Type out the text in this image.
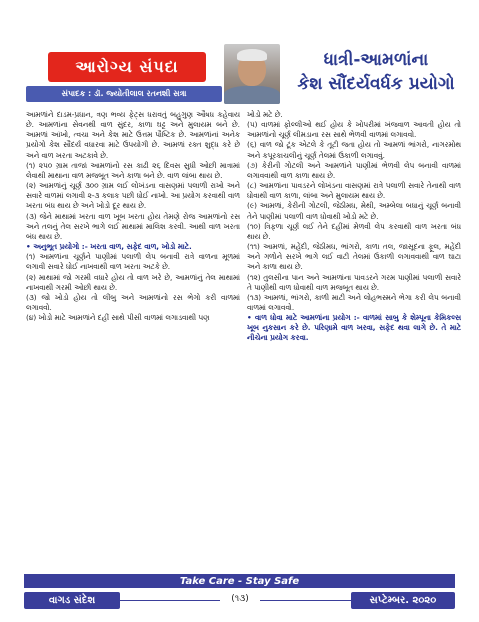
આરોગ્ય સંપદા
સંપાદક : ડૉ. જ્યોતીલાલ રતનશી સત્રા
ધાત્રી-આમળાંના
કેશ સૌંદર્યવર્ધક પ્રયોગો

આમળાંને દાડમ-પ્રધાન, ત્રણ ભવ્ય ફેટ્સ ધરાવતું બહુગુણ ઔષધ કહેવાય છે. આમળાંના સેવનથી વાળ સુંદર, કાળા ઘટ્ટ અને મુલાયમ બને છે. આમળાં આંખો, ત્વચા અને કેશ માટે ઉત્તમ પૌષ્ટિક છે. આમળાંનાં અનેક પ્રયોગો કેશ સૌંદર્ય વધારવા માટે ઉપયોગી છે. આમળાં રક્ત શુદ્ધ કરે છે અને વાળ ખરતા અટકાવે છે.

(૧) ૨૫૦ ગ્રામ તાજાં આમળાંનો રસ કાઢી ૨૬ દિવસ સુધી ઓછી માત્રામાં લેવાથી માથાના વાળ મજબૂત અને કાળા બને છે. વાળ લાંબા થાય છે.

(૨) આમળાંનું ચૂર્ણ ૩૦૦ ગ્રામ લઈ લોખંડના વાસણમાં પલાળી રાખો અને સવારે વાળમાં લગાવી ૨-૩ કલાક પછી ધોઈ નાખો. આ પ્રયોગ કરવાથી વાળ ખરતા બંધ થાય છે અને ખોડો દૂર થાય છે.

(૩) જેને માથામાં ખરતા વાળ ખૂબ ખરતા હોય તેમણે રોજ આમળાંનો રસ અને તલનું તેલ સરખે ભાગે લઈ માથામાં માલિશ કરવી. આથી વાળ ખરતા બંધ થાય છે.

• અનુભૂત પ્રયોગો :- ખરતા વાળ, સફેદ વાળ, ખોડો માટે.

(૧) આમળાંના ચૂર્ણને પાણીમાં પલાળી લેપ બનાવી રાત્રે વાળના મૂળમાં લગાવી સવારે ધોઈ નાખવાથી વાળ ખરતા અટકે છે.

(૨) માથામાં જો ગરમી વધારે હોય તો વાળ ખરે છે, આમળાંનું તેલ માથામાં નાખવાથી ગરમી ઓછી થાય છે.

(૩) જો ખોડો હોય તો લીંબુ અને આમળાંનો રસ ભેગો કરી વાળમાં લગાવવો.

(૪) ખોડો માટે આમળાંને દહીં સાથે પીસી વાળમાં લગાડવાથી પણ

ખોડો મટે છે.

(૫) વાળમાં ફોલ્લીઓ થઈ હોય કે ખોપરીમાં ખંજવાળ આવતી હોય તો આમળાંનો ચૂર્ણ લીમડાના રસ સાથે ભેળવી વાળમાં લગાવવો.

(૬) વાળ જો ટૂંક એટલે કે તૂટી જતા હોય તો આમળાં ભાંગરો, નાગરમોથ અને કપૂરકાચલીનું ચૂર્ણ તેલમાં ઉકાળી લગાવવું.

(૭) કેરીની ગોટલી અને આમળાંને પાણીમાં ભેળવી લેપ બનાવી વાળમાં લગાવવાથી વાળ કાળા થાય છે.

(૮) આમળાંના પાવડરને લોખંડના વાસણમાં રાત્રે પલાળી સવારે તેનાથી વાળ ધોવાથી વાળ કાળા, લાંબા અને મુલાયમ થાય છે.

(૯) આમળાં, કેરીની ગોટલી, જેઠીમધ, મેથી, અમ્બેલા બધાનું ચૂર્ણ બનાવી તેને પાણીમાં પલાળી વાળ ધોવાથી ખોડો મટે છે.

(૧૦) ત્રિફળા ચૂર્ણ લઈ તેને દહીંમાં મેળવી લેપ કરવાથી વાળ ખરતા બંધ થાય છે.

(૧૧) આમળાં, મહેંદી, જેઠીમધ, ભાંગરો, કાળા તલ, જાસૂદના ફૂલ, મહેંદી અને ગળોને સરખે ભાગે લઈ વાટી તેલમાં ઉકાળી લગાવવાથી વાળ ઘાટા અને કાળા થાય છે.

(૧૨) તુલસીના પાન અને આમળાંના પાવડરને ગરમ પાણીમાં પલાળી સવારે તે પાણીથી વાળ ધોવાથી વાળ મજબૂત થાય છે.

(૧૩) આમળાં, ભાંગરો, કાળી માટી અને લોહભસ્મને ભેગા કરી લેપ બનાવી વાળમાં લગાવવો.

• વાળ ધોવા માટે આમળાંના પ્રયોગ :- વાળમાં સાબુ કે શેમ્પૂના કેમિકલ્સ ખૂબ નુકસાન કરે છે. પરિણામે વાળ ખરવા, સફેદ થવા લાગે છે. તે માટે નીચેના પ્રયોગ કરવા.

Take Care - Stay Safe
વાગડ સંદેશ	(૧૩)	સપ્ટેમ્બર. ૨૦૨૦
